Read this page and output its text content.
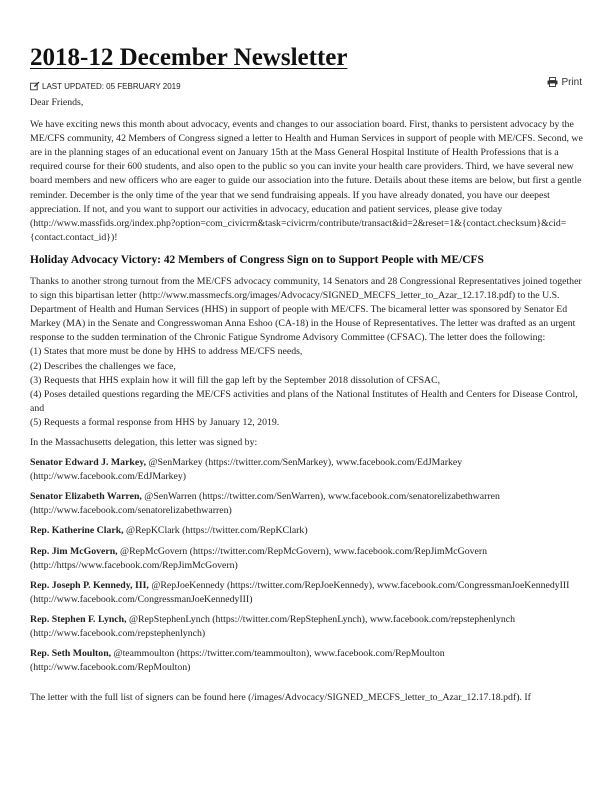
2018-12 December Newsletter
LAST UPDATED: 05 FEBRUARY 2019	Print

Dear Friends,

We have exciting news this month about advocacy, events and changes to our association board. First, thanks to persistent advocacy by the ME/CFS community, 42 Members of Congress signed a letter to Health and Human Services in support of people with ME/CFS. Second, we are in the planning stages of an educational event on January 15th at the Mass General Hospital Institute of Health Professions that is a required course for their 600 students, and also open to the public so you can invite your health care providers. Third, we have several new board members and new officers who are eager to guide our association into the future. Details about these items are below, but first a gentle reminder. December is the only time of the year that we send fundraising appeals. If you have already donated, you have our deepest appreciation. If not, and you want to support our activities in advocacy, education and patient services, please give today (http://www.massfids.org/index.php?option=com_civicrm&task=civicrm/contribute/transact&id=2&reset=1&{contact.checksum}&cid={contact.contact_id})!

Holiday Advocacy Victory: 42 Members of Congress Sign on to Support People with ME/CFS

Thanks to another strong turnout from the ME/CFS advocacy community, 14 Senators and 28 Congressional Representatives joined together to sign this bipartisan letter (http://www.massmecfs.org/images/Advocacy/SIGNED_MECFS_letter_to_Azar_12.17.18.pdf) to the U.S. Department of Health and Human Services (HHS) in support of people with ME/CFS. The bicameral letter was sponsored by Senator Ed Markey (MA) in the Senate and Congresswoman Anna Eshoo (CA-18) in the House of Representatives. The letter was drafted as an urgent response to the sudden termination of the Chronic Fatigue Syndrome Advisory Committee (CFSAC). The letter does the following:
(1) States that more must be done by HHS to address ME/CFS needs,
(2) Describes the challenges we face,
(3) Requests that HHS explain how it will fill the gap left by the September 2018 dissolution of CFSAC,
(4) Poses detailed questions regarding the ME/CFS activities and plans of the National Institutes of Health and Centers for Disease Control, and
(5) Requests a formal response from HHS by January 12, 2019.

In the Massachusetts delegation, this letter was signed by:

Senator Edward J. Markey, @SenMarkey (https://twitter.com/SenMarkey), www.facebook.com/EdJMarkey (http://www.facebook.com/EdJMarkey)

Senator Elizabeth Warren, @SenWarren (https://twitter.com/SenWarren), www.facebook.com/senatorelizabethwarren (http://www.facebook.com/senatorelizabethwarren)

Rep. Katherine Clark, @RepKClark (https://twitter.com/RepKClark)

Rep. Jim McGovern, @RepMcGovern (https://twitter.com/RepMcGovern), www.facebook.com/RepJimMcGovern (http://https//www.facebook.com/RepJimMcGovern)

Rep. Joseph P. Kennedy, III, @RepJoeKennedy (https://twitter.com/RepJoeKennedy), www.facebook.com/CongressmanJoeKennedyIII (http://www.facebook.com/CongressmanJoeKennedyIII)

Rep. Stephen F. Lynch, @RepStephenLynch (https://twitter.com/RepStephenLynch), www.facebook.com/repstephenlynch (http://www.facebook.com/repstephenlynch)

Rep. Seth Moulton, @teammoulton (https://twitter.com/teammoulton), www.facebook.com/RepMoulton (http://www.facebook.com/RepMoulton)

The letter with the full list of signers can be found here (/images/Advocacy/SIGNED_MECFS_letter_to_Azar_12.17.18.pdf). If
